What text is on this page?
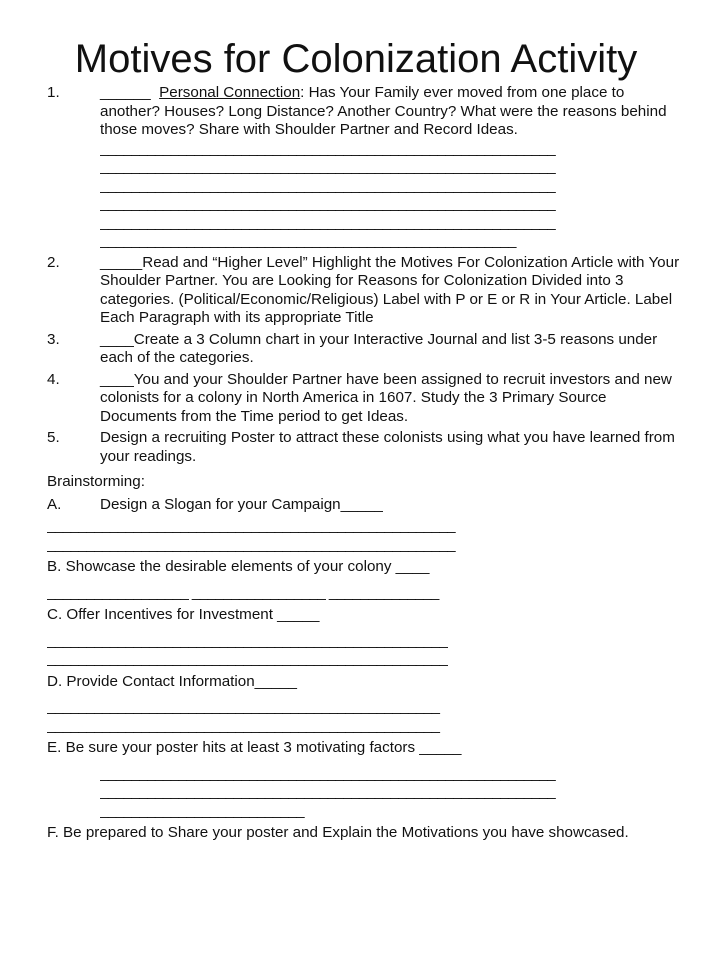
Motives for Colonization Activity
1.	______ Personal Connection: Has Your Family ever moved from one place to another? Houses? Long Distance? Another Country? What were the reasons behind those moves? Share with Shoulder Partner and Record Ideas.
__________________________________________________________
__________________________________________________________
__________________________________________________________
__________________________________________________________
__________________________________________________________
_____________________________________________________
2.	_____Read and “Higher Level” Highlight the Motives For Colonization Article with Your Shoulder Partner. You are Looking for Reasons for Colonization Divided into 3 categories. (Political/Economic/Religious) Label with P or E or R in Your Article. Label Each Paragraph with its appropriate Title
3.	____Create a 3 Column chart in your Interactive Journal and list 3-5 reasons under each of the categories.
4.	____You and your Shoulder Partner have been assigned to recruit investors and new colonists for a colony in North America in 1607. Study the 3 Primary Source Documents from the Time period to get Ideas.
5.	Design a recruiting Poster to attract these colonists using what you have learned from your readings.
Brainstorming:
A.	Design a Slogan for your Campaign_____
____________________________________________________
____________________________________________________
B. Showcase the desirable elements of your colony ____
__________________ _________________ ______________
C. Offer Incentives for Investment _____
___________________________________________________
___________________________________________________
D. Provide Contact Information_____
__________________________________________________
__________________________________________________
E. Be sure your poster hits at least 3 motivating factors _____
__________________________________________________________
__________________________________________________________
__________________________
F. Be prepared to Share your poster and Explain the Motivations you have showcased.
